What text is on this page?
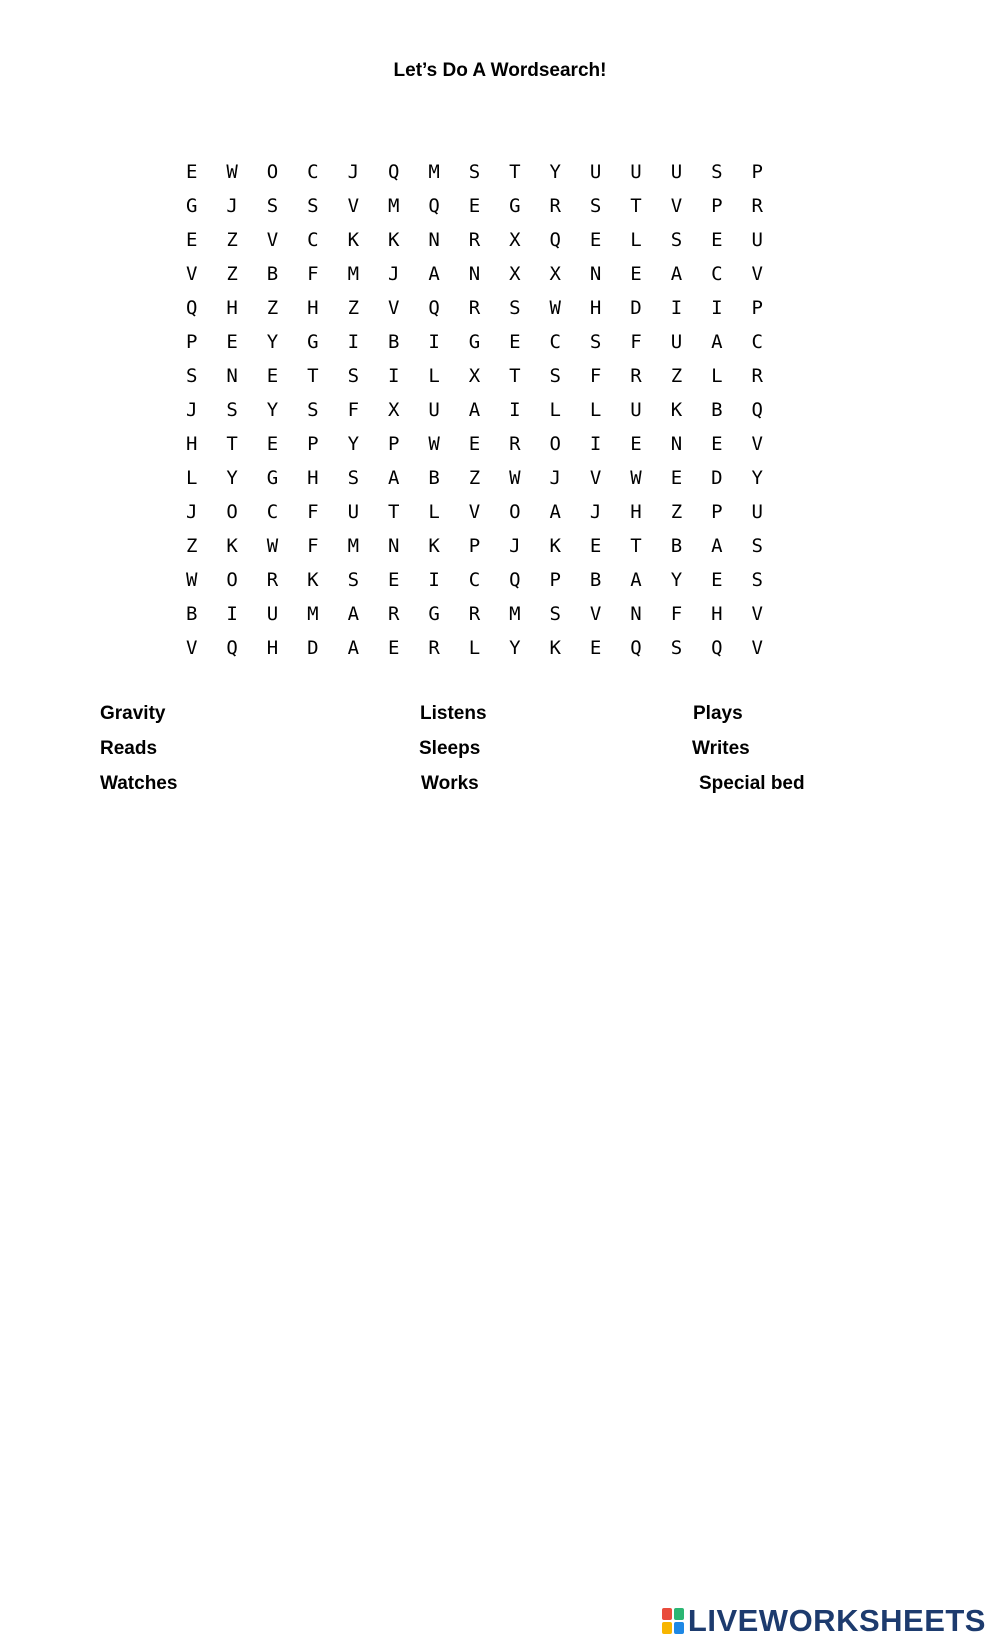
Let’s Do A Wordsearch!
E	W	O	C	J	Q	M	S	T	Y	U	U	U	S	P
G	J	S	S	V	M	Q	E	G	R	S	T	V	P	R
E	Z	V	C	K	K	N	R	X	Q	E	L	S	E	U
V	Z	B	F	M	J	A	N	X	X	N	E	A	C	V
Q	H	Z	H	Z	V	Q	R	S	W	H	D	I	I	P
P	E	Y	G	I	B	I	G	E	C	S	F	U	A	C
S	N	E	T	S	I	L	X	T	S	F	R	Z	L	R
J	S	Y	S	F	X	U	A	I	L	L	U	K	B	Q
H	T	E	P	Y	P	W	E	R	O	I	E	N	E	V
L	Y	G	H	S	A	B	Z	W	J	V	W	E	D	Y
J	O	C	F	U	T	L	V	O	A	J	H	Z	P	U
Z	K	W	F	M	N	K	P	J	K	E	T	B	A	S
W	O	R	K	S	E	I	C	Q	P	B	A	Y	E	S
B	I	U	M	A	R	G	R	M	S	V	N	F	H	V
V	Q	H	D	A	E	R	L	Y	K	E	Q	S	Q	V
Gravity
Reads
Watches
Listens
Sleeps
Works
Plays
Writes
Special bed
LIVEWORKSHEETS
